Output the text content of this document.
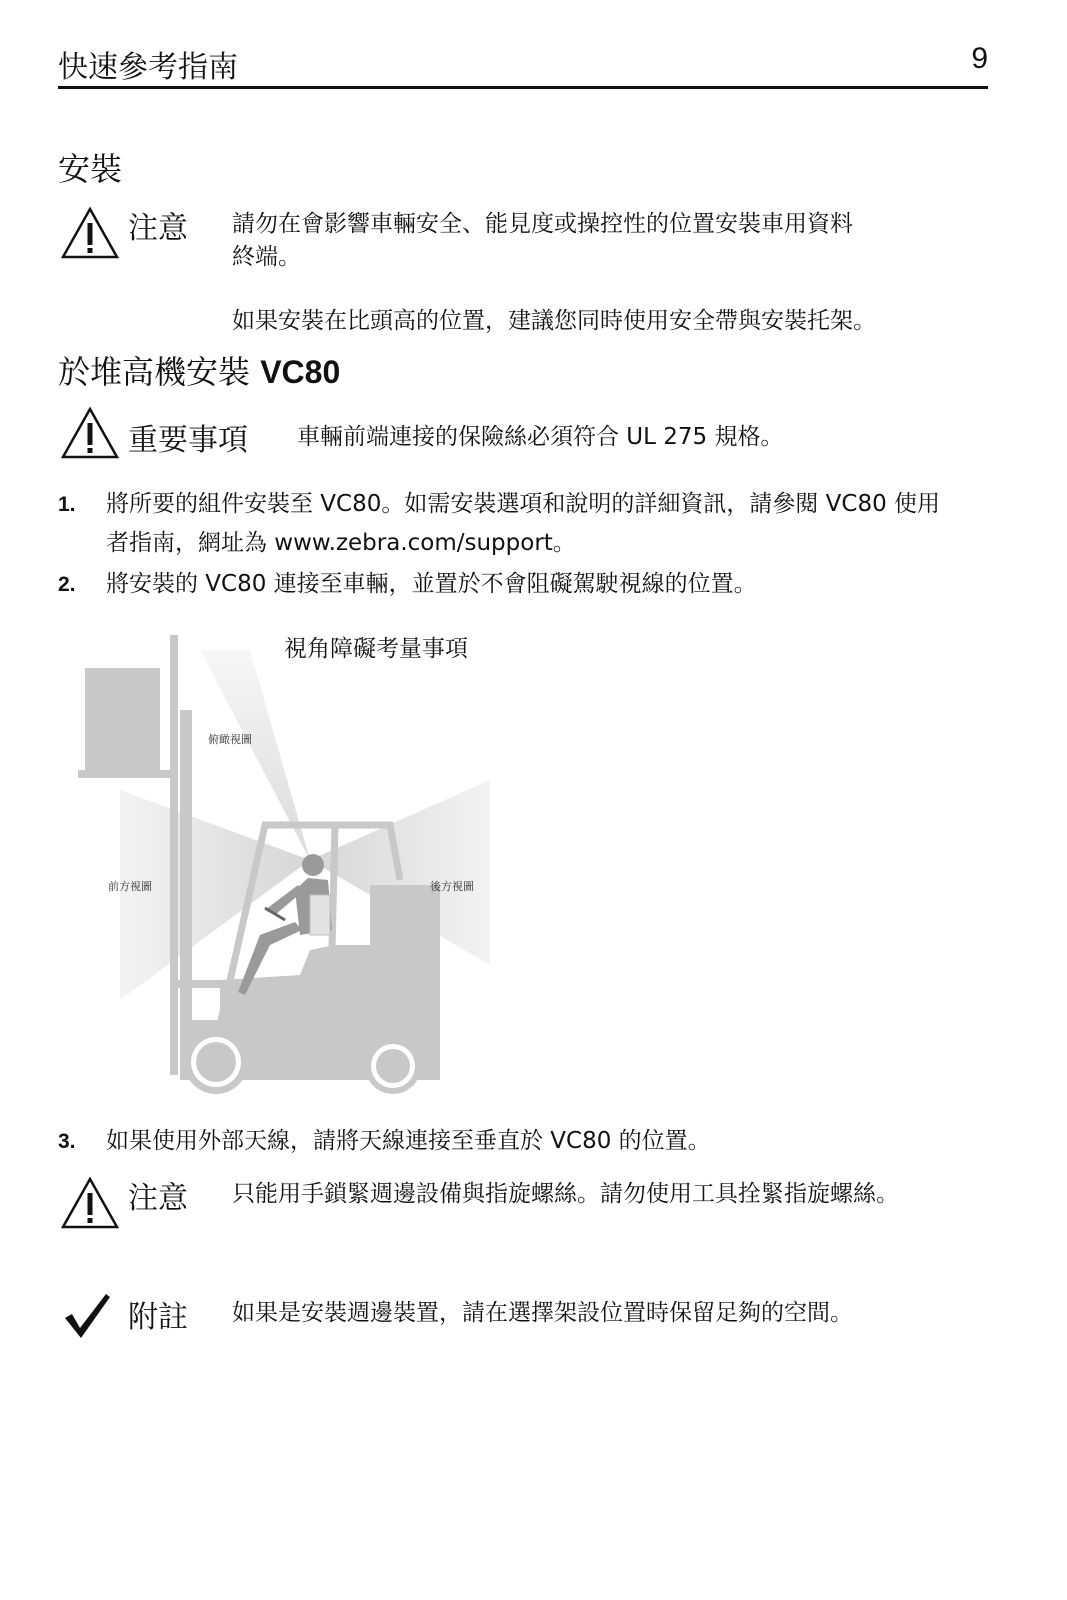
快速參考指南	9
安裝
注意 請勿在會影響車輛安全、能見度或操控性的位置安裝車用資料
終端。
如果安裝在比頭高的位置，建議您同時使用安全帶與安裝托架。
於堆高機安裝 VC80
重要事項 車輛前端連接的保險絲必須符合 UL 275 規格。
1. 將所要的組件安裝至 VC80。如需安裝選項和說明的詳細資訊，請參閱 VC80 使用
者指南，網址為 www.zebra.com/support。
2. 將安裝的 VC80 連接至車輛，並置於不會阻礙駕駛視線的位置。
視角障礙考量事項
俯瞰視圖
前方視圖	後方視圖
3. 如果使用外部天線，請將天線連接至垂直於 VC80 的位置。
注意 只能用手鎖緊週邊設備與指旋螺絲。請勿使用工具拴緊指旋螺絲。
附註 如果是安裝週邊裝置，請在選擇架設位置時保留足夠的空間。
